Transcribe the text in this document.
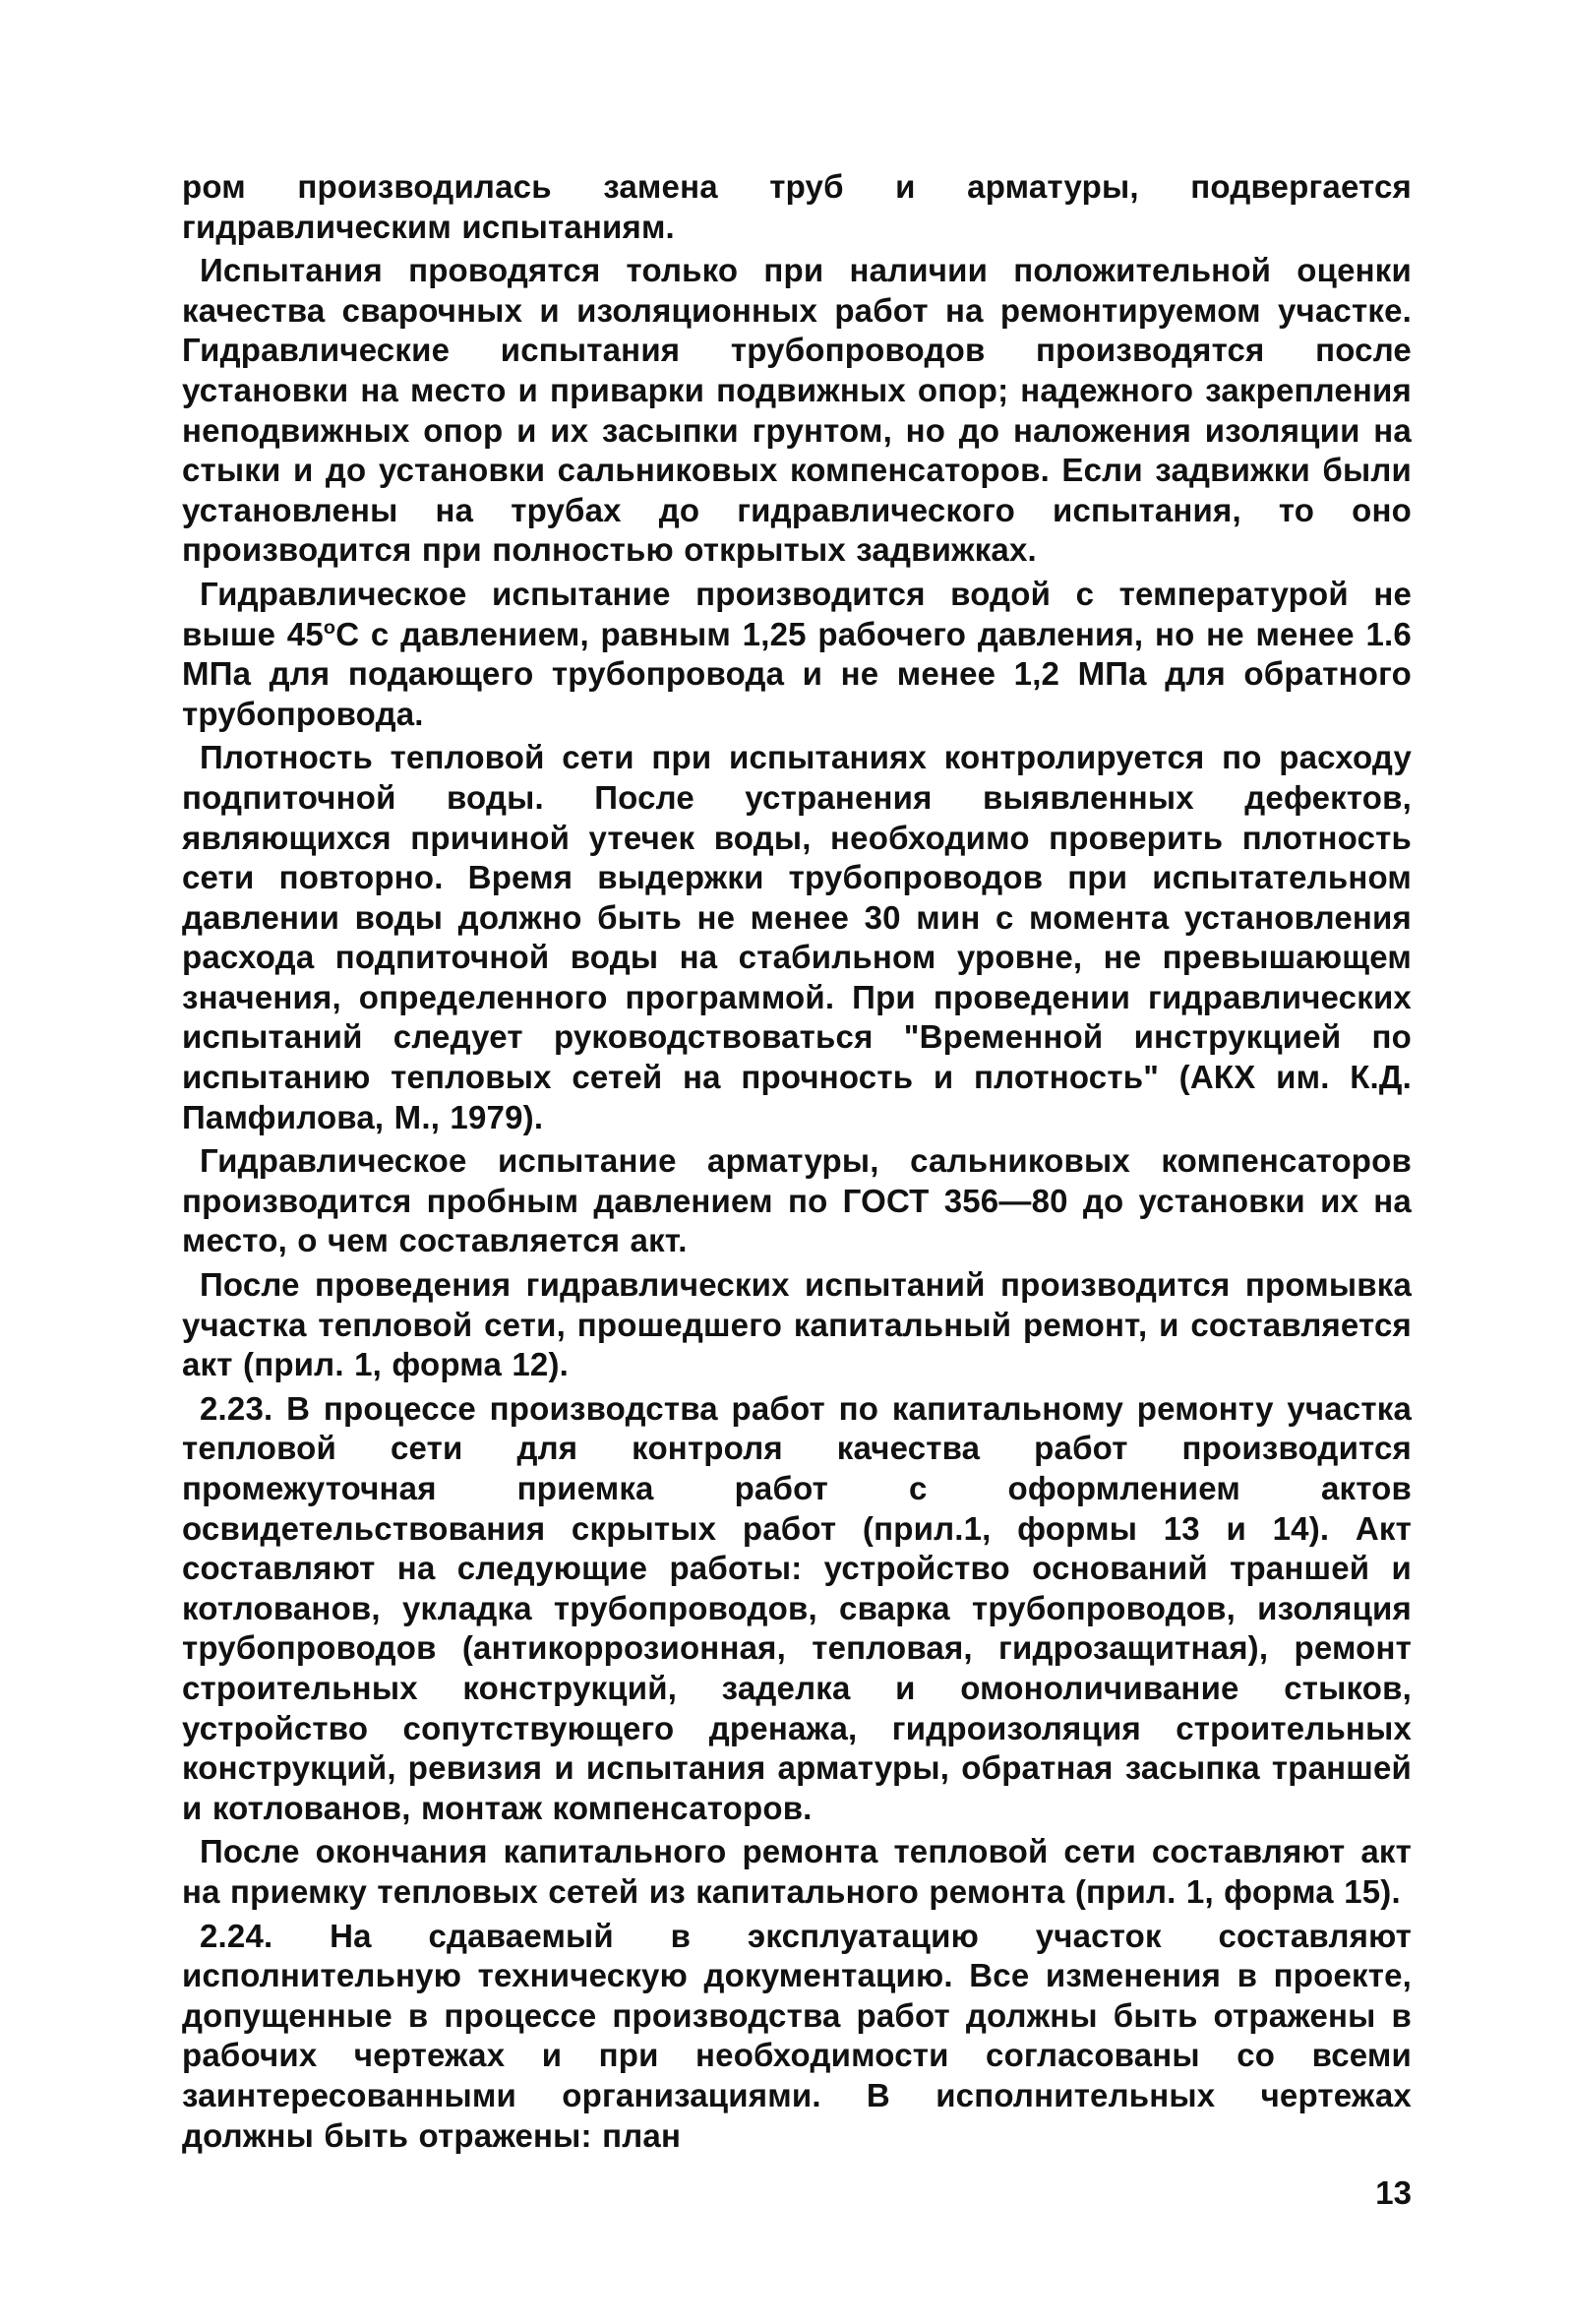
ром производилась замена труб и арматуры, подвергается гидравлическим испытаниям.

Испытания проводятся только при наличии положительной оценки качества сварочных и изоляционных работ на ремонтируемом участке. Гидравлические испытания трубопроводов производятся после установки на место и приварки подвижных опор; надежного закрепления неподвижных опор и их засыпки грунтом, но до наложения изоляции на стыки и до установки сальниковых компенсаторов. Если задвижки были установлены на трубах до гидравлического испытания, то оно производится при полностью открытых задвижках.

Гидравлическое испытание производится водой с температурой не выше $45^оС$ с давлением, равным 1,25 рабочего давления, но не менее 1.6 МПа для подающего трубопровода и не менее 1,2 МПа для обратного трубопровода.

Плотность тепловой сети при испытаниях контролируется по расходу подпиточной воды. После устранения выявленных дефектов, являющихся причиной утечек воды, необходимо проверить плотность сети повторно. Время выдержки трубопроводов при испытательном давлении воды должно быть не менее 30 мин с момента установления расхода подпиточной воды на стабильном уровне, не превышающем значения, определенного программой. При проведении гидравлических испытаний следует руководствоваться "Временной инструкцией по испытанию тепловых сетей на прочность и плотность" (АКХ им. К.Д. Памфилова, М., 1979).

Гидравлическое испытание арматуры, сальниковых компенсаторов производится пробным давлением по ГОСТ 356—80 до установки их на место, о чем составляется акт.

После проведения гидравлических испытаний производится промывка участка тепловой сети, прошедшего капитальный ремонт, и составляется акт (прил. 1, форма 12).

2.23. В процессе производства работ по капитальному ремонту участка тепловой сети для контроля качества работ производится промежуточная приемка работ с оформлением актов освидетельствования скрытых работ (прил.1, формы 13 и 14). Акт составляют на следующие работы: устройство оснований траншей и котлованов, укладка трубопроводов, сварка трубопроводов, изоляция трубопроводов (антикоррозионная, тепловая, гидрозащитная), ремонт строительных конструкций, заделка и омоноличивание стыков, устройство сопутствующего дренажа, гидроизоляция строительных конструкций, ревизия и испытания арматуры, обратная засыпка траншей и котлованов, монтаж компенсаторов.

После окончания капитального ремонта тепловой сети составляют акт на приемку тепловых сетей из капитального ремонта (прил. 1, форма 15).

2.24. На сдаваемый в эксплуатацию участок составляют исполнительную техническую документацию. Все изменения в проекте, допущенные в процессе производства работ должны быть отражены в рабочих чертежах и при необходимости согласованы со всеми заинтересованными организациями. В исполнительных чертежах должны быть отражены: план

13
